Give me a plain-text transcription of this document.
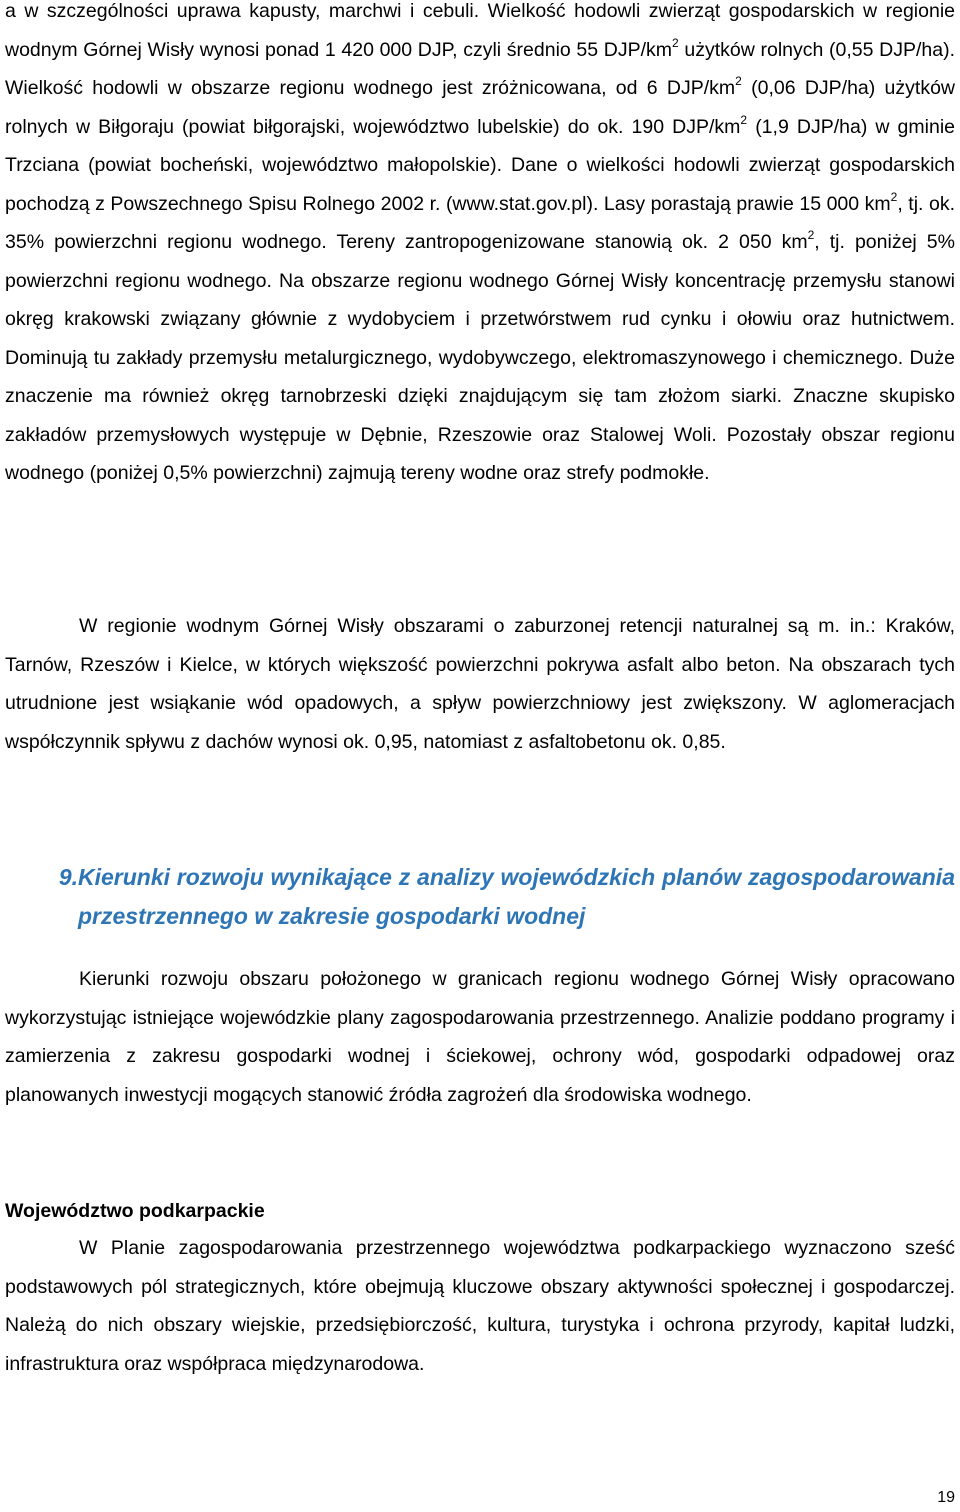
a w szczególności uprawa kapusty, marchwi i cebuli. Wielkość hodowli zwierząt gospodarskich w regionie wodnym Górnej Wisły wynosi ponad 1 420 000 DJP, czyli średnio 55 DJP/$km^2$ użytków rolnych (0,55 DJP/ha). Wielkość hodowli w obszarze regionu wodnego jest zróżnicowana, od 6 DJP/$km^2$ (0,06 DJP/ha) użytków rolnych w Biłgoraju (powiat biłgorajski, województwo lubelskie) do ok. 190 DJP/$km^2$ (1,9 DJP/ha) w gminie Trzciana (powiat bocheński, województwo małopolskie). Dane o wielkości hodowli zwierząt gospodarskich pochodzą z Powszechnego Spisu Rolnego 2002 r. (www.stat.gov.pl). Lasy porastają prawie 15 000 $km^2$, tj. ok. 35% powierzchni regionu wodnego. Tereny zantropogenizowane stanowią ok. 2 050 $km^2$, tj. poniżej 5% powierzchni regionu wodnego. Na obszarze regionu wodnego Górnej Wisły koncentrację przemysłu stanowi okręg krakowski związany głównie z wydobyciem i przetwórstwem rud cynku i ołowiu oraz hutnictwem. Dominują tu zakłady przemysłu metalurgicznego, wydobywczego, elektromaszynowego i chemicznego. Duże znaczenie ma również okręg tarnobrzeski dzięki znajdującym się tam złożom siarki. Znaczne skupisko zakładów przemysłowych występuje w Dębnie, Rzeszowie oraz Stalowej Woli. Pozostały obszar regionu wodnego (poniżej 0,5% powierzchni) zajmują tereny wodne oraz strefy podmokłe.

W regionie wodnym Górnej Wisły obszarami o zaburzonej retencji naturalnej są m. in.: Kraków, Tarnów, Rzeszów i Kielce, w których większość powierzchni pokrywa asfalt albo beton. Na obszarach tych utrudnione jest wsiąkanie wód opadowych, a spływ powierzchniowy jest zwiększony. W aglomeracjach współczynnik spływu z dachów wynosi ok. 0,95, natomiast z asfaltobetonu ok. 0,85.

9. Kierunki rozwoju wynikające z analizy wojewódzkich planów zagospodarowania przestrzennego w zakresie gospodarki wodnej

Kierunki rozwoju obszaru położonego w granicach regionu wodnego Górnej Wisły opracowano wykorzystując istniejące wojewódzkie plany zagospodarowania przestrzennego. Analizie poddano programy i zamierzenia z zakresu gospodarki wodnej i ściekowej, ochrony wód, gospodarki odpadowej oraz planowanych inwestycji mogących stanowić źródła zagrożeń dla środowiska wodnego.

Województwo podkarpackie

W Planie zagospodarowania przestrzennego województwa podkarpackiego wyznaczono sześć podstawowych pól strategicznych, które obejmują kluczowe obszary aktywności społecznej i gospodarczej. Należą do nich obszary wiejskie, przedsiębiorczość, kultura, turystyka i ochrona przyrody, kapitał ludzki, infrastruktura oraz współpraca międzynarodowa.

19
